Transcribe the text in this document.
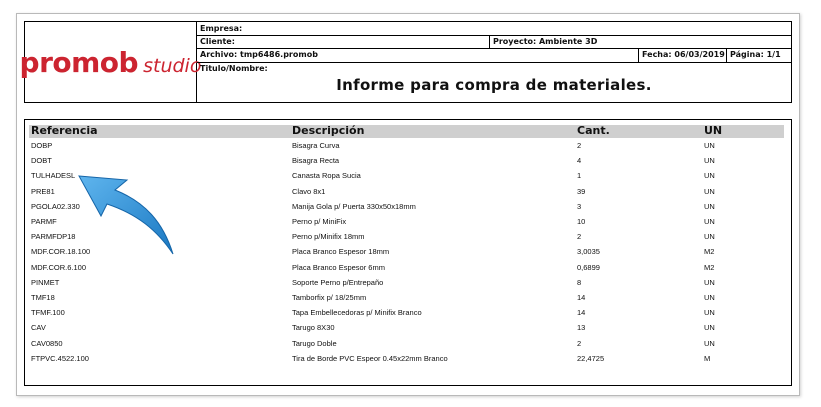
promob studio
Empresa:
Cliente:	Proyecto: Ambiente 3D
Archivo: tmp6486.promob	Fecha: 06/03/2019 Página: 1/1
Titulo/Nombre:
Informe para compra de materiales.
Referencia	Descripción	Cant.	UN
DOBP	Bisagra Curva	2	UN
DOBT	Bisagra Recta	4	UN
TULHADESL	Canasta Ropa Sucia	1	UN
PRE81	Clavo 8x1	39	UN
PGOLA02.330	Manija Gola p/ Puerta 330x50x18mm	3	UN
PARMF	Perno p/ MiniFix	10	UN
PARMFDP18	Perno p/Minifix 18mm	2	UN
MDF.COR.18.100	Placa Branco Espesor 18mm	3,0035	M2
MDF.COR.6.100	Placa Branco Espesor 6mm	0,6899	M2
PINMET	Soporte Perno p/Entrepaño	8	UN
TMF18	Tamborfix p/ 18/25mm	14	UN
TFMF.100	Tapa Embellecedoras p/ Minifix Branco	14	UN
CAV	Tarugo 8X30	13	UN
CAV0850	Tarugo Doble	2	UN
FTPVC.4522.100	Tira de Borde PVC Espeor 0.45x22mm Branco	22,4725	M
